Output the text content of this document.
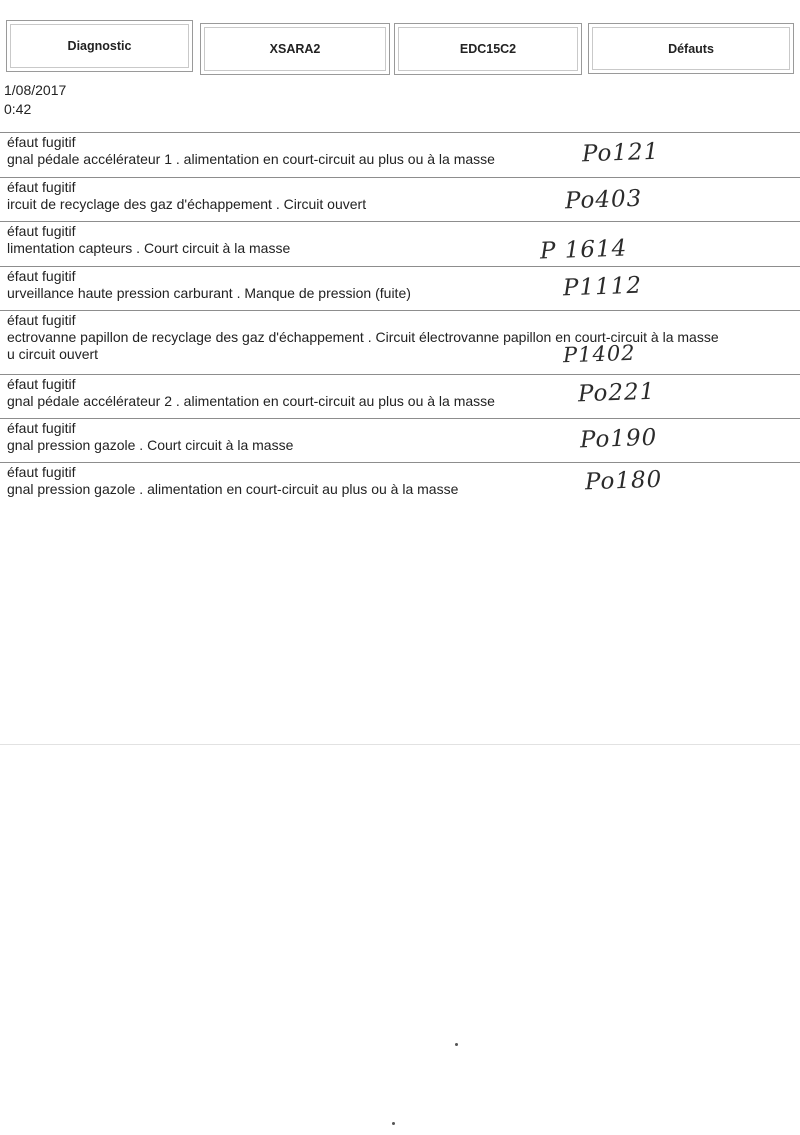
Diagnostic	XSARA2	EDC15C2	Défauts
1/08/2017
0:42
éfaut fugitif
gnal pédale accélérateur 1 . alimentation en court-circuit au plus ou à la masse	Po121
éfaut fugitif
ircuit de recyclage des gaz d'échappement . Circuit ouvert	Po403
éfaut fugitif
limentation capteurs . Court circuit à la masse	P 1614
éfaut fugitif
urveillance haute pression carburant . Manque de pression (fuite)	P1112
éfaut fugitif
ectrovanne papillon de recyclage des gaz d'échappement . Circuit électrovanne papillon en court-circuit à la masse
u circuit ouvert	P1402
éfaut fugitif
gnal pédale accélérateur 2 . alimentation en court-circuit au plus ou à la masse	Po221
éfaut fugitif
gnal pression gazole . Court circuit à la masse	Po190
éfaut fugitif
gnal pression gazole . alimentation en court-circuit au plus ou à la masse	Po180
